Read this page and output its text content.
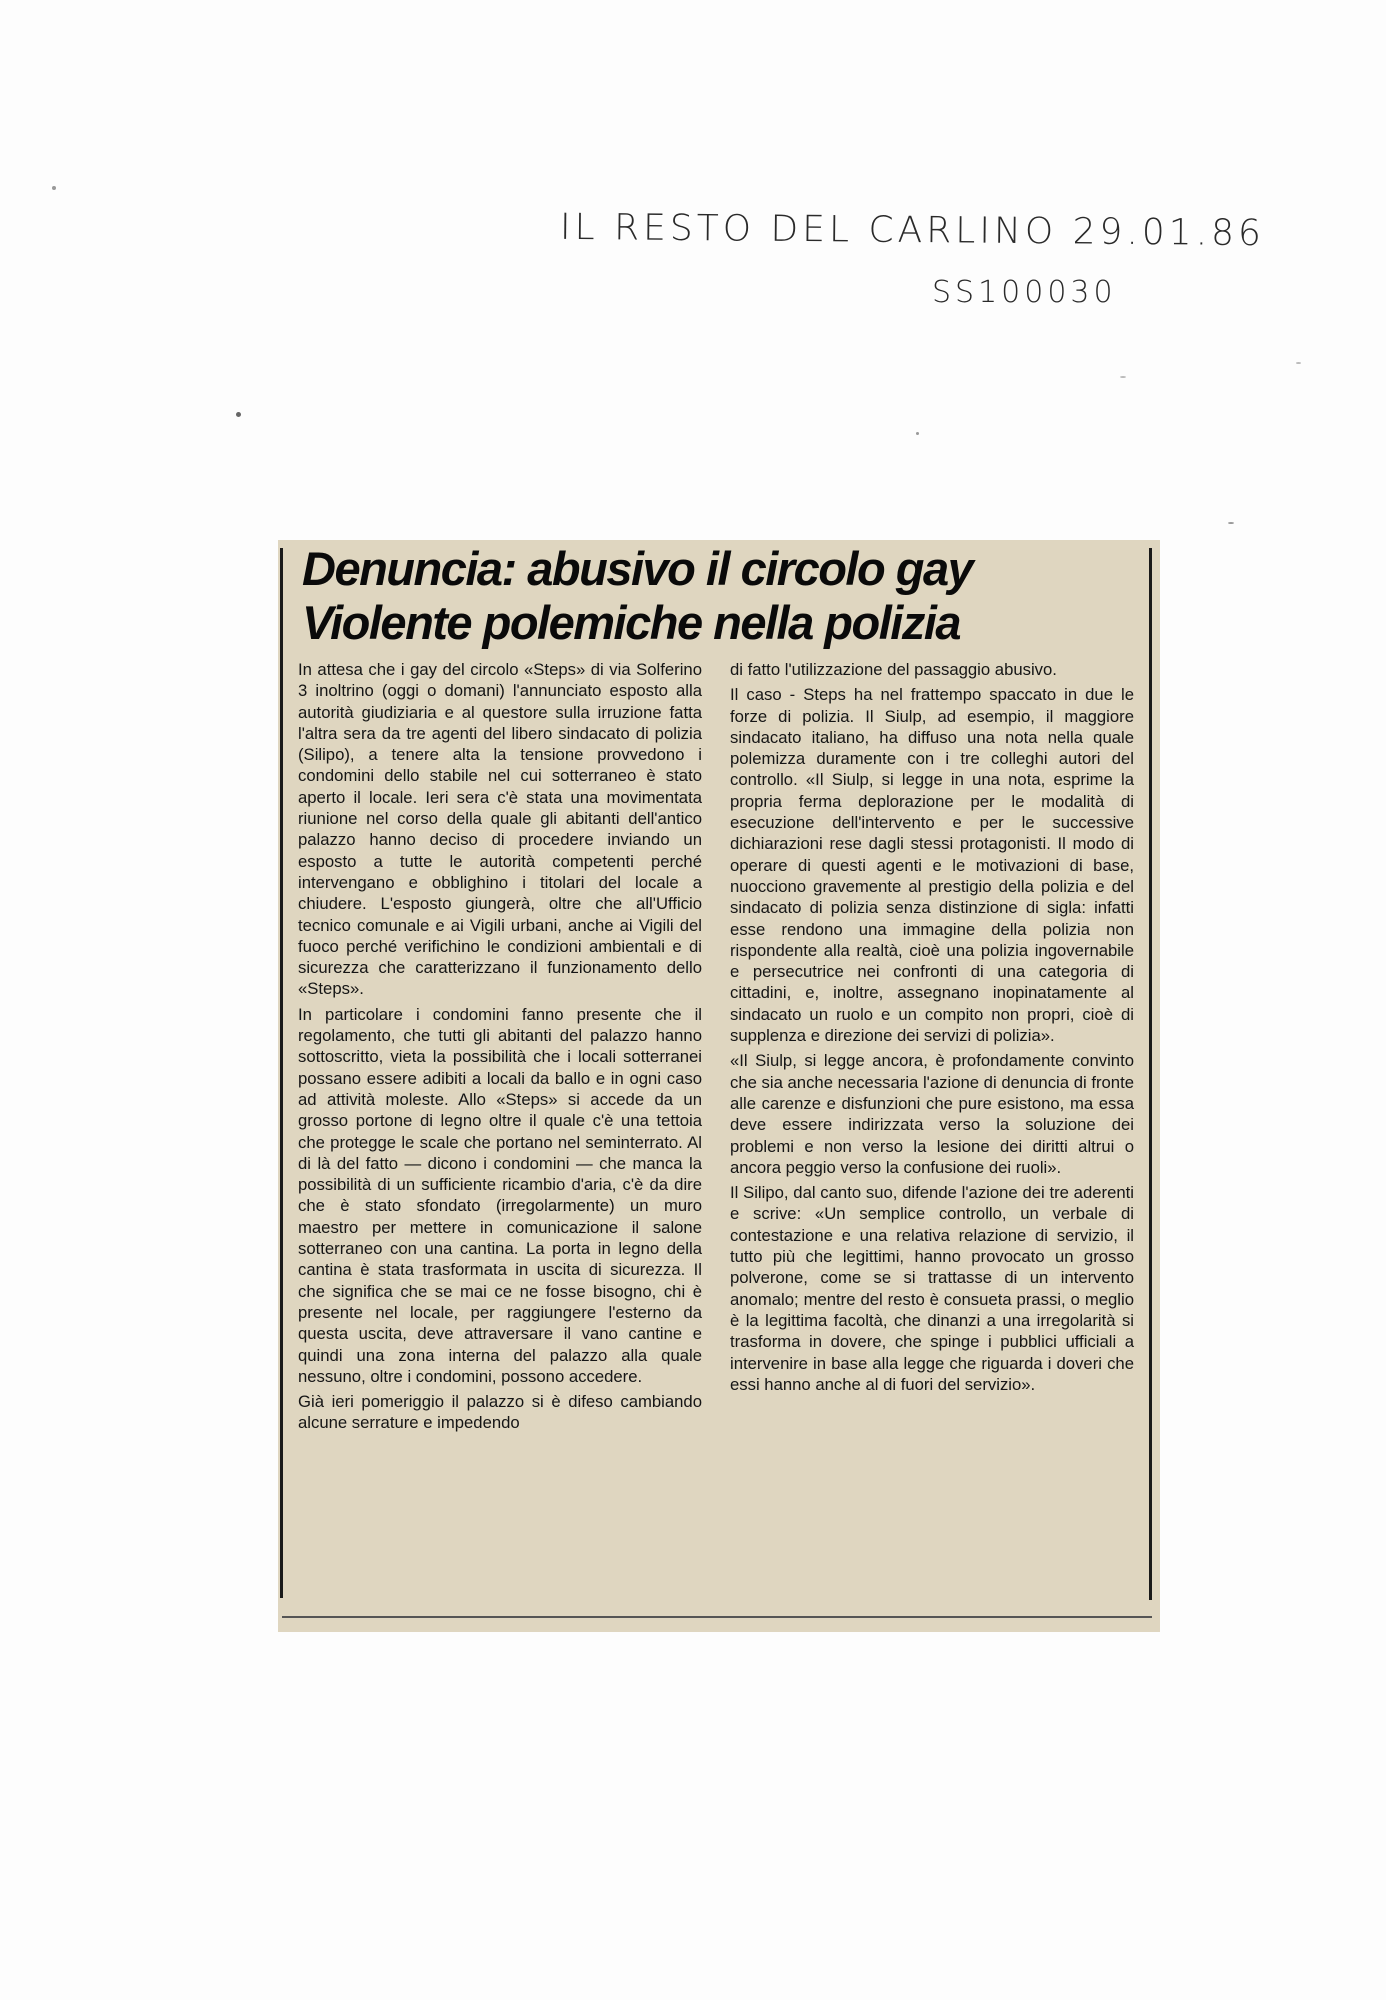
IL RESTO DEL CARLINO 29.01.86
SS100030
Denuncia: abusivo il circolo gay
Violente polemiche nella polizia

In attesa che i gay del circolo «Steps» di via Solferino 3 inoltrino (oggi o domani) l'annunciato esposto alla autorità giudiziaria e al questore sulla irruzione fatta l'altra sera da tre agenti del libero sindacato di polizia (Silipo), a tenere alta la tensione provvedono i condomini dello stabile nel cui sotterraneo è stato aperto il locale. Ieri sera c'è stata una movimentata riunione nel corso della quale gli abitanti dell'antico palazzo hanno deciso di procedere inviando un esposto a tutte le autorità competenti perché intervengano e obblighino i titolari del locale a chiudere. L'esposto giungerà, oltre che all'Ufficio tecnico comunale e ai Vigili urbani, anche ai Vigili del fuoco perché verifichino le condizioni ambientali e di sicurezza che caratterizzano il funzionamento dello «Steps».

In particolare i condomini fanno presente che il regolamento, che tutti gli abitanti del palazzo hanno sottoscritto, vieta la possibilità che i locali sotterranei possano essere adibiti a locali da ballo e in ogni caso ad attività moleste. Allo «Steps» si accede da un grosso portone di legno oltre il quale c'è una tettoia che protegge le scale che portano nel seminterrato. Al di là del fatto — dicono i condomini — che manca la possibilità di un sufficiente ricambio d'aria, c'è da dire che è stato sfondato (irregolarmente) un muro maestro per mettere in comunicazione il salone sotterraneo con una cantina. La porta in legno della cantina è stata trasformata in uscita di sicurezza. Il che significa che se mai ce ne fosse bisogno, chi è presente nel locale, per raggiungere l'esterno da questa uscita, deve attraversare il vano cantine e quindi una zona interna del palazzo alla quale nessuno, oltre i condomini, possono accedere.

Già ieri pomeriggio il palazzo si è difeso cambiando alcune serrature e impedendo

di fatto l'utilizzazione del passaggio abusivo.

Il caso - Steps ha nel frattempo spaccato in due le forze di polizia. Il Siulp, ad esempio, il maggiore sindacato italiano, ha diffuso una nota nella quale polemizza duramente con i tre colleghi autori del controllo. «Il Siulp, si legge in una nota, esprime la propria ferma deplorazione per le modalità di esecuzione dell'intervento e per le successive dichiarazioni rese dagli stessi protagonisti. Il modo di operare di questi agenti e le motivazioni di base, nuocciono gravemente al prestigio della polizia e del sindacato di polizia senza distinzione di sigla: infatti esse rendono una immagine della polizia non rispondente alla realtà, cioè una polizia ingovernabile e persecutrice nei confronti di una categoria di cittadini, e, inoltre, assegnano inopinatamente al sindacato un ruolo e un compito non propri, cioè di supplenza e direzione dei servizi di polizia».

«Il Siulp, si legge ancora, è profondamente convinto che sia anche necessaria l'azione di denuncia di fronte alle carenze e disfunzioni che pure esistono, ma essa deve essere indirizzata verso la soluzione dei problemi e non verso la lesione dei diritti altrui o ancora peggio verso la confusione dei ruoli».

Il Silipo, dal canto suo, difende l'azione dei tre aderenti e scrive: «Un semplice controllo, un verbale di contestazione e una relativa relazione di servizio, il tutto più che legittimi, hanno provocato un grosso polverone, come se si trattasse di un intervento anomalo; mentre del resto è consueta prassi, o meglio è la legittima facoltà, che dinanzi a una irregolarità si trasforma in dovere, che spinge i pubblici ufficiali a intervenire in base alla legge che riguarda i doveri che essi hanno anche al di fuori del servizio».
